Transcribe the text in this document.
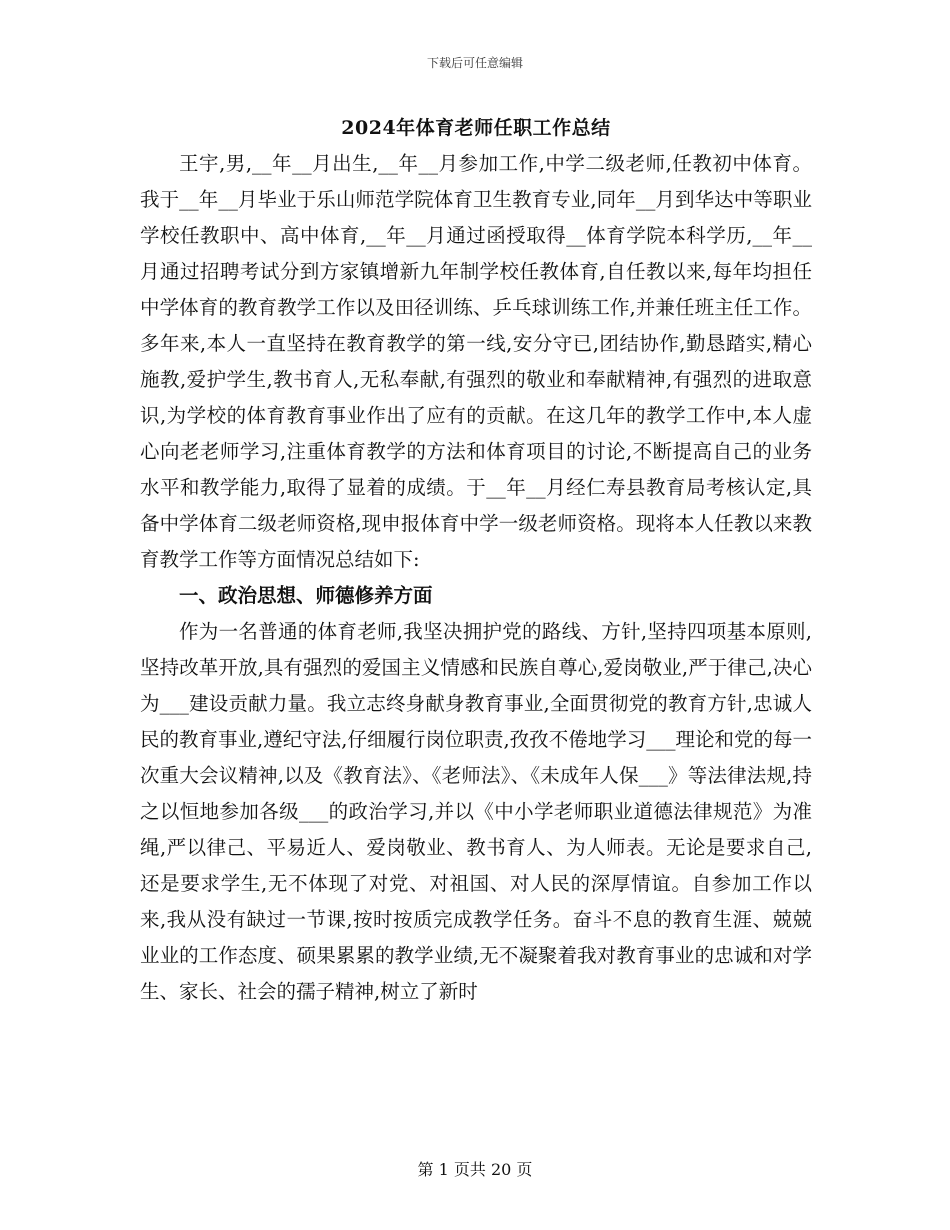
下载后可任意编辑
2024年体育老师任职工作总结

王宇,男,__年__月出生,__年__月参加工作,中学二级老师,任教初中体育。我于__年__月毕业于乐山师范学院体育卫生教育专业,同年__月到华达中等职业学校任教职中、高中体育,__年__月通过函授取得__体育学院本科学历,__年__月通过招聘考试分到方家镇增新九年制学校任教体育,自任教以来,每年均担任中学体育的教育教学工作以及田径训练、乒乓球训练工作,并兼任班主任工作。多年来,本人一直坚持在教育教学的第一线,安分守已,团结协作,勤恳踏实,精心施教,爱护学生,教书育人,无私奉献,有强烈的敬业和奉献精神,有强烈的进取意识,为学校的体育教育事业作出了应有的贡献。在这几年的教学工作中,本人虚心向老老师学习,注重体育教学的方法和体育项目的讨论,不断提高自己的业务水平和教学能力,取得了显着的成绩。于__年__月经仁寿县教育局考核认定,具备中学体育二级老师资格,现申报体育中学一级老师资格。现将本人任教以来教育教学工作等方面情况总结如下:

一、政治思想、师德修养方面

作为一名普通的体育老师,我坚决拥护党的路线、方针,坚持四项基本原则,坚持改革开放,具有强烈的爱国主义情感和民族自尊心,爱岗敬业,严于律己,决心为___建设贡献力量。我立志终身献身教育事业,全面贯彻党的教育方针,忠诚人民的教育事业,遵纪守法,仔细履行岗位职责,孜孜不倦地学习___理论和党的每一次重大会议精神,以及《教育法》、《老师法》、《未成年人保___》等法律法规,持之以恒地参加各级___的政治学习,并以《中小学老师职业道德法律规范》为准绳,严以律己、平易近人、爱岗敬业、教书育人、为人师表。无论是要求自己,还是要求学生,无不体现了对党、对祖国、对人民的深厚情谊。自参加工作以来,我从没有缺过一节课,按时按质完成教学任务。奋斗不息的教育生涯、兢兢业业的工作态度、硕果累累的教学业绩,无不凝聚着我对教育事业的忠诚和对学生、家长、社会的孺子精神,树立了新时

第 1 页共 20 页
